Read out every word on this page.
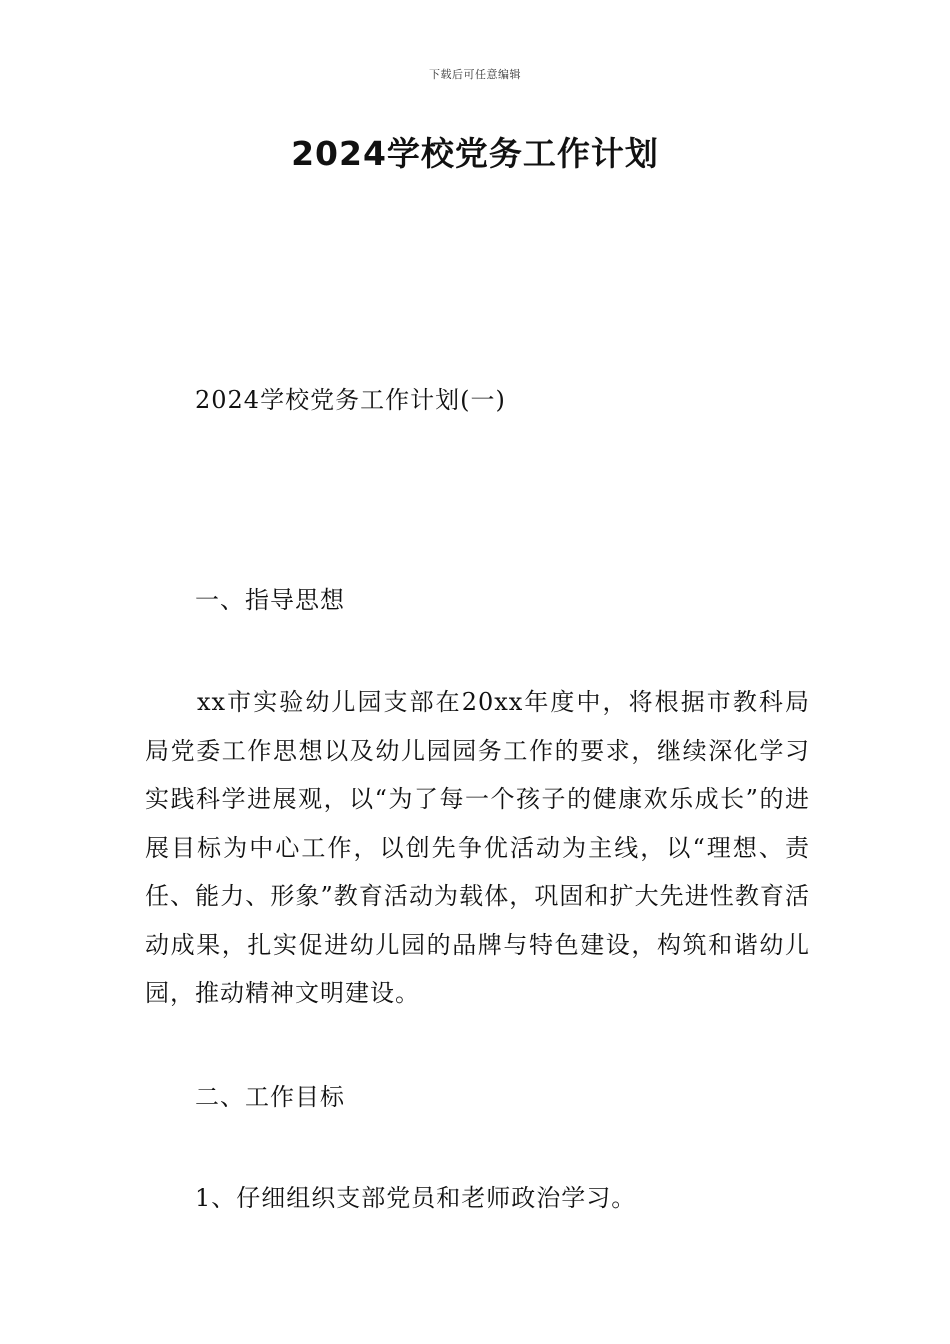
下载后可任意编辑
2024学校党务工作计划
2024学校党务工作计划(一)
一、指导思想

xx市实验幼儿园支部在20xx年度中，将根据市教科局局党委工作思想以及幼儿园园务工作的要求，继续深化学习实践科学进展观，以“为了每一个孩子的健康欢乐成长”的进展目标为中心工作，以创先争优活动为主线，以“理想、责任、能力、形象”教育活动为载体，巩固和扩大先进性教育活动成果，扎实促进幼儿园的品牌与特色建设，构筑和谐幼儿园，推动精神文明建设。

二、工作目标

1、仔细组织支部党员和老师政治学习。
